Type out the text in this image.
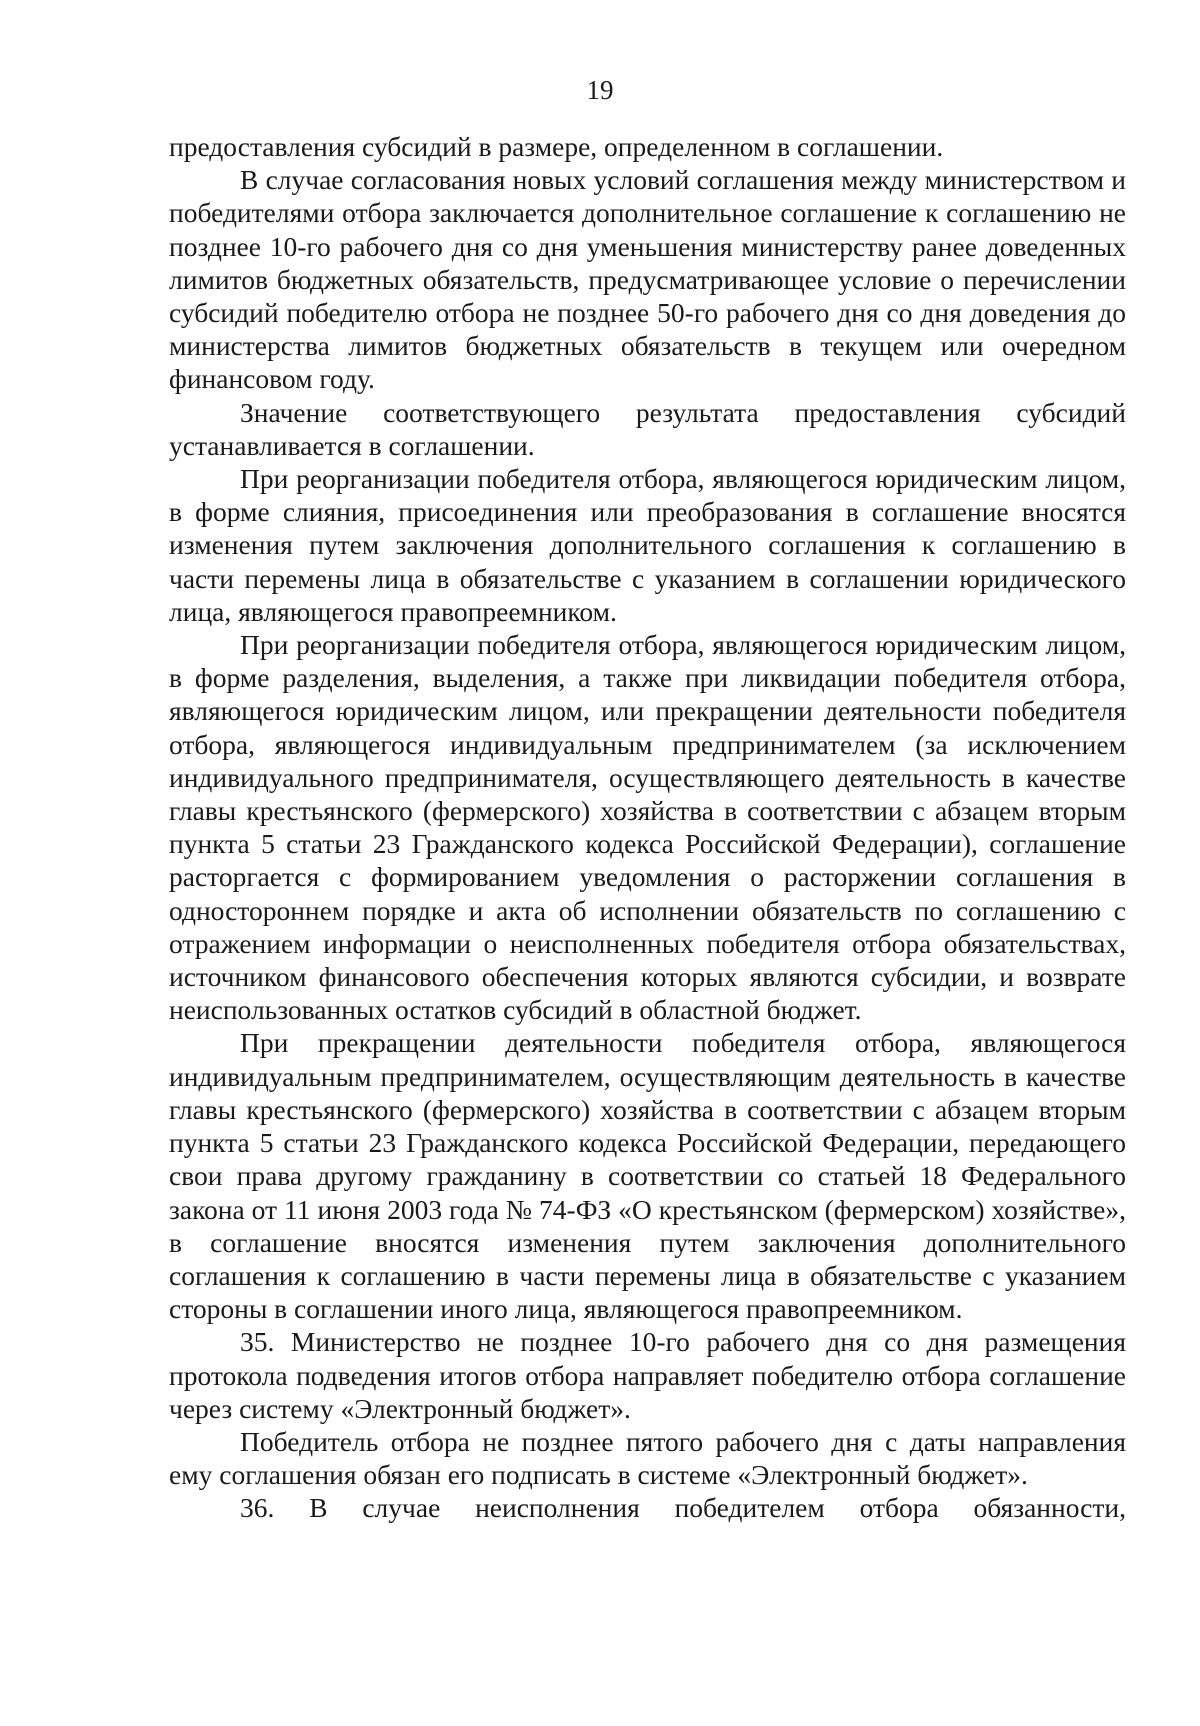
19

предоставления субсидий в размере, определенном в соглашении.

В случае согласования новых условий соглашения между министерством и победителями отбора заключается дополнительное соглашение к соглашению не позднее 10-го рабочего дня со дня уменьшения министерству ранее доведенных лимитов бюджетных обязательств, предусматривающее условие о перечислении субсидий победителю отбора не позднее 50-го рабочего дня со дня доведения до министерства лимитов бюджетных обязательств в текущем или очередном финансовом году.

Значение соответствующего результата предоставления субсидий устанавливается в соглашении.

При реорганизации победителя отбора, являющегося юридическим лицом, в форме слияния, присоединения или преобразования в соглашение вносятся изменения путем заключения дополнительного соглашения к соглашению в части перемены лица в обязательстве с указанием в соглашении юридического лица, являющегося правопреемником.

При реорганизации победителя отбора, являющегося юридическим лицом, в форме разделения, выделения, а также при ликвидации победителя отбора, являющегося юридическим лицом, или прекращении деятельности победителя отбора, являющегося индивидуальным предпринимателем (за исключением индивидуального предпринимателя, осуществляющего деятельность в качестве главы крестьянского (фермерского) хозяйства в соответствии с абзацем вторым пункта 5 статьи 23 Гражданского кодекса Российской Федерации), соглашение расторгается с формированием уведомления о расторжении соглашения в одностороннем порядке и акта об исполнении обязательств по соглашению с отражением информации о неисполненных победителя отбора обязательствах, источником финансового обеспечения которых являются субсидии, и возврате неиспользованных остатков субсидий в областной бюджет.

При прекращении деятельности победителя отбора, являющегося индивидуальным предпринимателем, осуществляющим деятельность в качестве главы крестьянского (фермерского) хозяйства в соответствии с абзацем вторым пункта 5 статьи 23 Гражданского кодекса Российской Федерации, передающего свои права другому гражданину в соответствии со статьей 18 Федерального закона от 11 июня 2003 года № 74-ФЗ «О крестьянском (фермерском) хозяйстве», в соглашение вносятся изменения путем заключения дополнительного соглашения к соглашению в части перемены лица в обязательстве с указанием стороны в соглашении иного лица, являющегося правопреемником.

35. Министерство не позднее 10-го рабочего дня со дня размещения протокола подведения итогов отбора направляет победителю отбора соглашение через систему «Электронный бюджет».

Победитель отбора не позднее пятого рабочего дня с даты направления ему соглашения обязан его подписать в системе «Электронный бюджет».

36. В случае неисполнения победителем отбора обязанности,
